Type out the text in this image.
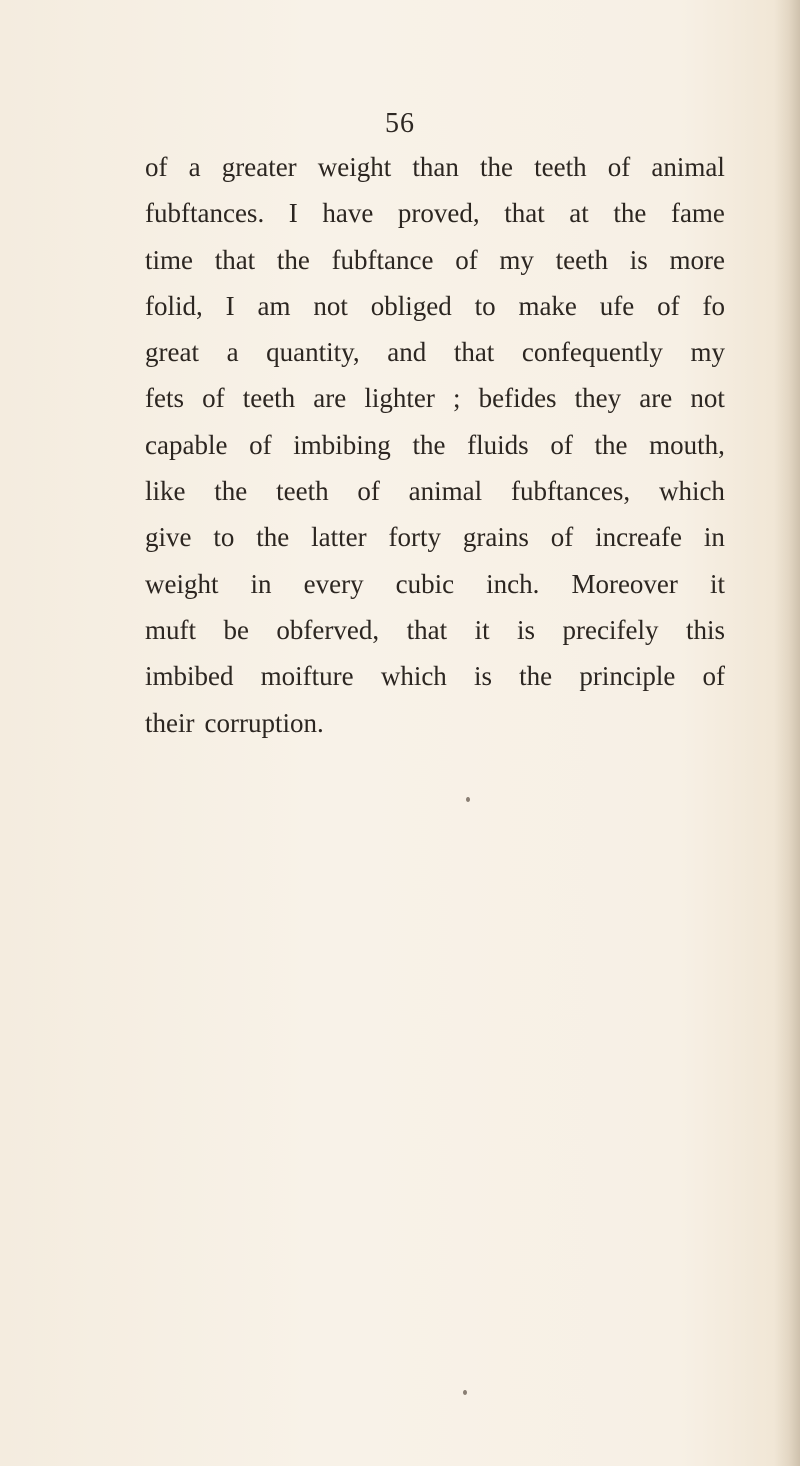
56
of a greater weight than the teeth of animal
fubftances. I have proved, that at the fame
time that the fubftance of my teeth is more
folid, I am not obliged to make ufe of fo
great a quantity, and that confequently my
fets of teeth are lighter ; befides they are not
capable of imbibing the fluids of the mouth,
like the teeth of animal fubftances, which
give to the latter forty grains of increafe in
weight in every cubic inch. Moreover it
muft be obferved, that it is precifely this
imbibed moifture which is the principle of
their corruption.
